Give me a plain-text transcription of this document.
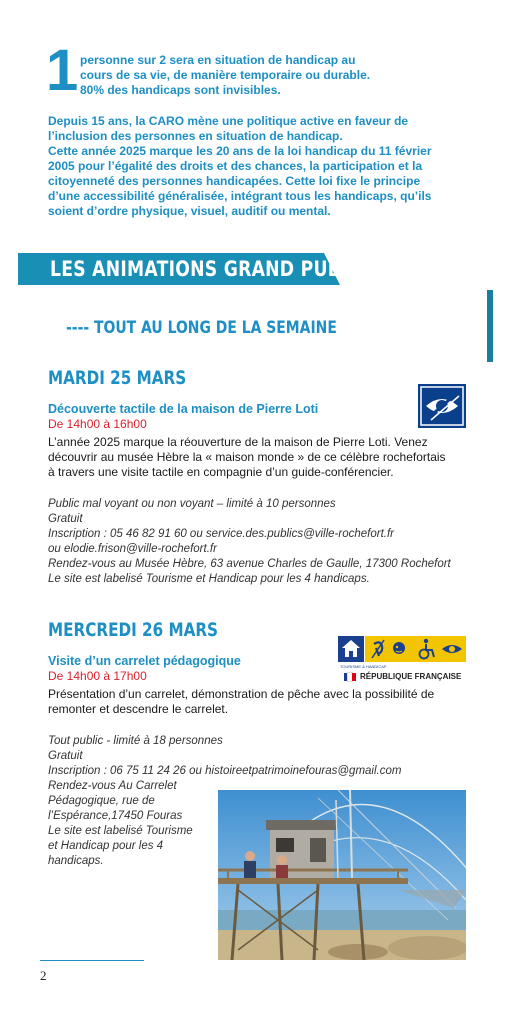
1 personne sur 2 sera en situation de handicap au
cours de sa vie, de manière temporaire ou durable.
80% des handicaps sont invisibles.
Depuis 15 ans, la CARO mène une politique active en faveur de
l’inclusion des personnes en situation de handicap.
Cette année 2025 marque les 20 ans de la loi handicap du 11 février
2005 pour l’égalité des droits et des chances, la participation et la
citoyenneté des personnes handicapées. Cette loi fixe le principe
d’une accessibilité généralisée, intégrant tous les handicaps, qu’ils
soient d’ordre physique, visuel, auditif ou mental.
LES ANIMATIONS GRAND PUBLIC
---- TOUT AU LONG DE LA SEMAINE
MARDI 25 MARS
Découverte tactile de la maison de Pierre Loti
De 14h00 à 16h00
L’année 2025 marque la réouverture de la maison de Pierre Loti. Venez
découvrir au musée Hèbre la « maison monde » de ce célèbre rochefortais
à travers une visite tactile en compagnie d’un guide-conférencier.
Public mal voyant ou non voyant – limité à 10 personnes
Gratuit
Inscription : 05 46 82 91 60 ou service.des.publics@ville-rochefort.fr
ou elodie.frison@ville-rochefort.fr
Rendez-vous au Musée Hèbre, 63 avenue Charles de Gaulle, 17300 Rochefort
Le site est labelisé Tourisme et Handicap pour les 4 handicaps.
MERCREDI 26 MARS
Visite d’un carrelet pédagogique
De 14h00 à 17h00
TOURISME & HANDICAP
RÉPUBLIQUE FRANÇAISE
Présentation d’un carrelet, démonstration de pêche avec la possibilité de
remonter et descendre le carrelet.
Tout public - limité à 18 personnes
Gratuit
Inscription : 06 75 11 24 26 ou histoireetpatrimoinefouras@gmail.com
Rendez-vous Au Carrelet
Pédagogique, rue de
l’Espérance,17450 Fouras
Le site est labelisé Tourisme
et Handicap pour les 4
handicaps.
2
